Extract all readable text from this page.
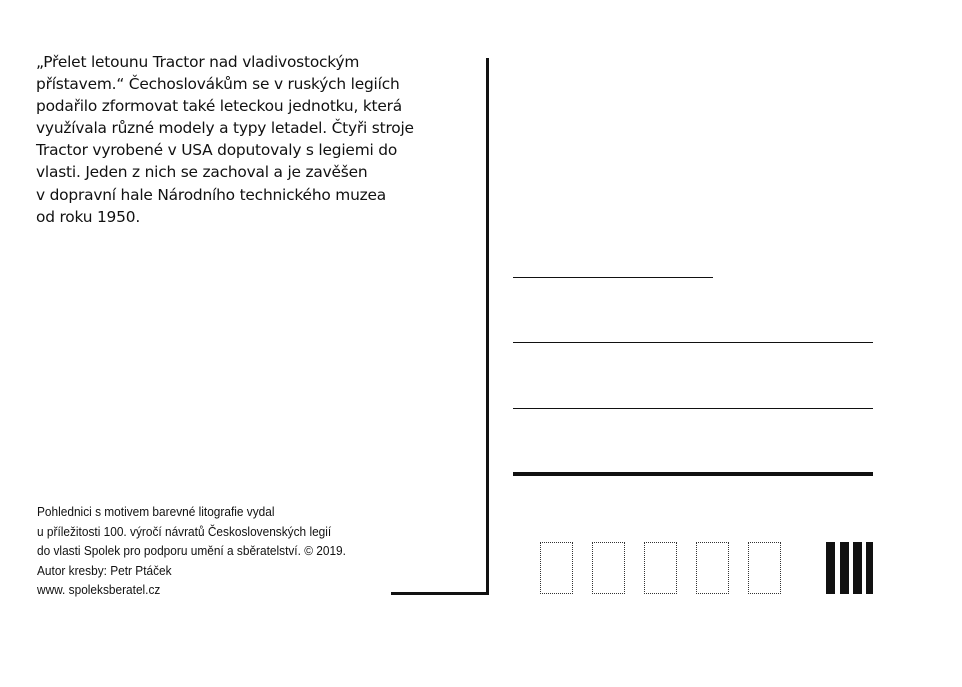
„Přelet letounu Tractor nad vladivostockým
přístavem.“ Čechoslovákům se v ruských legiích
podařilo zformovat také leteckou jednotku, která
využívala různé modely a typy letadel. Čtyři stroje
Tractor vyrobené v USA doputovaly s legiemi do
vlasti. Jeden z nich se zachoval a je zavěšen
v dopravní hale Národního technického muzea
od roku 1950.
Pohlednici s motivem barevné litografie vydal
u příležitosti 100. výročí návratů Československých legií
do vlasti Spolek pro podporu umění a sběratelství. © 2019.
Autor kresby: Petr Ptáček
www. spoleksberatel.cz
